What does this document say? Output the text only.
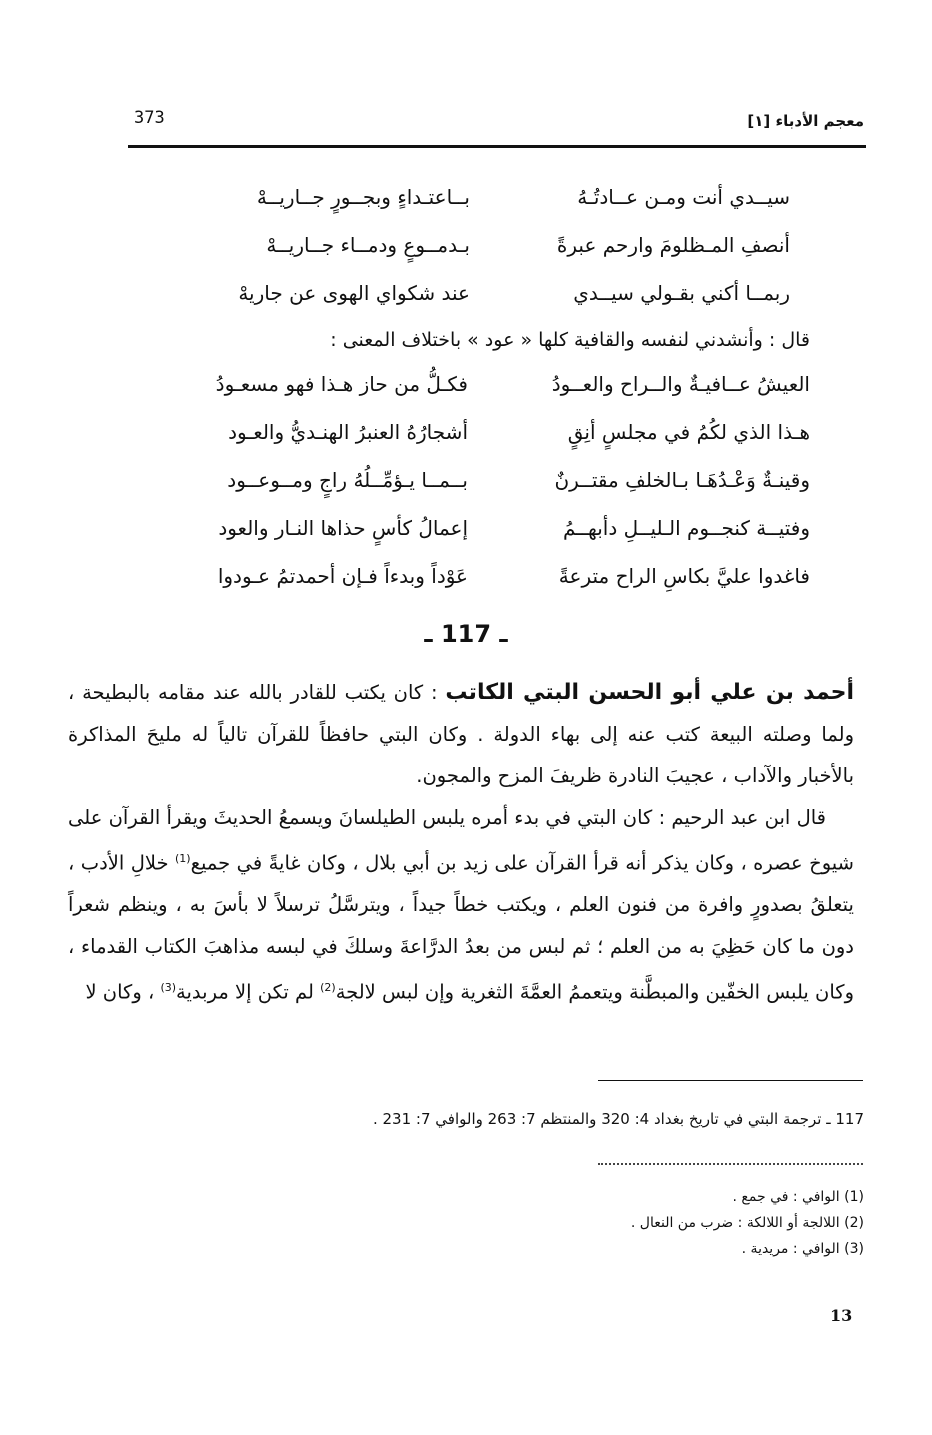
373	معجم الأدباء [١]
سيــدي أنت ومـن عــادتُـهُ
بــاعتـداءٍ وبجــورٍ جــاريــهْ
أنصفِ المـظلومَ وارحم عبرةً
بـدمــوعٍ ودمــاء جــاريــهْ
ربمــا أكني بقـولي سيــدي
عند شكواي الهوى عن جاريهْ
قال : وأنشدني لنفسه والقافية كلها « عود » باختلاف المعنى :
العيشُ عــافيـةٌ والــراح والعــودُ
فكـلُّ من حاز هـذا فهو مسعـودُ
هـذا الذي لكُمُ في مجلسٍ أنِقٍ
أشجارُهُ العنبرُ الهنـديُّ والعـود
وقينـةٌ وَعْـدُهَـا بـالخلفِ مقتــرنٌ
بــمــا يـؤمِّــلُهُ راجٍ ومــوعــود
وفتيــة كنجــوم الـليــلِ دأبهــمُ
إعمالُ كأسٍ حذاها النـار والعود
فاغدوا عليَّ بكاسِ الراح مترعةً
عَوْداً وبدءاً فـإن أحمدتمُ عـودوا
ـ 117 ـ

أحمد بن علي أبو الحسن البتي الكاتب : كان يكتب للقادر بالله عند مقامه بالبطيحة ، ولما وصلته البيعة كتب عنه إلى بهاء الدولة . وكان البتي حافظاً للقرآن تالياً له مليحَ المذاكرة بالأخبار والآداب ، عجيبَ النادرة ظريفَ المزح والمجون.

قال ابن عبد الرحيم : كان البتي في بدء أمره يلبس الطيلسانَ ويسمعُ الحديثَ ويقرأ القرآن على شيوخ عصره ، وكان يذكر أنه قرأ القرآن على زيد بن أبي بلال ، وكان غايةً في جميع$^{(1)}$ خلالِ الأدب ، يتعلقُ بصدورٍ وافرة من فنون العلم ، ويكتب خطاً جيداً ، ويترسَّلُ ترسلاً لا بأسَ به ، وينظم شعراً دون ما كان حَظِيَ به من العلم ؛ ثم لبس من بعدُ الدرَّاعةَ وسلكَ في لبسه مذاهبَ الكتاب القدماء ، وكان يلبس الخفّين والمبطَّنة ويتعممُ العمَّةَ الثغرية وإن لبس لالجة$^{(2)}$ لم تكن إلا مربدية$^{(3)}$ ، وكان لا

117 ـ ترجمة البتي في تاريخ بغداد 4: 320 والمنتظم 7: 263 والوافي 7: 231 .
(1) الوافي : في جمع .
(2) اللالجة أو اللالكة : ضرب من النعال .
(3) الوافي : مريدية .
13
